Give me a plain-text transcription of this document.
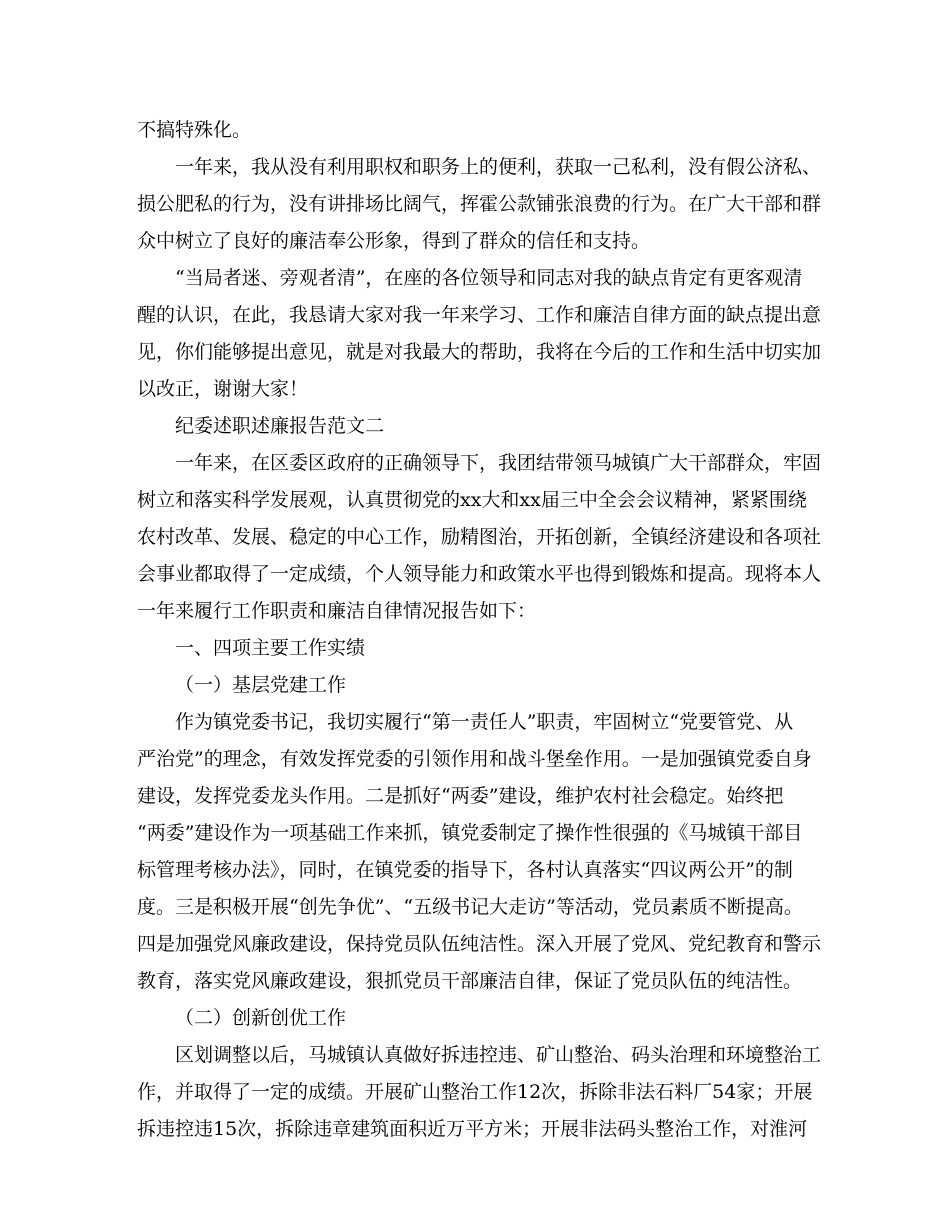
不搞特殊化。
一年来，我从没有利用职权和职务上的便利，获取一己私利，没有假公济私、
损公肥私的行为，没有讲排场比阔气，挥霍公款铺张浪费的行为。在广大干部和群
众中树立了良好的廉洁奉公形象，得到了群众的信任和支持。
“当局者迷、旁观者清”，在座的各位领导和同志对我的缺点肯定有更客观清
醒的认识，在此，我恳请大家对我一年来学习、工作和廉洁自律方面的缺点提出意
见，你们能够提出意见，就是对我最大的帮助，我将在今后的工作和生活中切实加
以改正，谢谢大家！
纪委述职述廉报告范文二
一年来，在区委区政府的正确领导下，我团结带领马城镇广大干部群众，牢固
树立和落实科学发展观，认真贯彻党的xx大和xx届三中全会会议精神，紧紧围绕
农村改革、发展、稳定的中心工作，励精图治，开拓创新，全镇经济建设和各项社
会事业都取得了一定成绩，个人领导能力和政策水平也得到锻炼和提高。现将本人
一年来履行工作职责和廉洁自律情况报告如下：
一、四项主要工作实绩
（一）基层党建工作
作为镇党委书记，我切实履行“第一责任人”职责，牢固树立“党要管党、从
严治党”的理念，有效发挥党委的引领作用和战斗堡垒作用。一是加强镇党委自身
建设，发挥党委龙头作用。二是抓好“两委”建设，维护农村社会稳定。始终把
“两委”建设作为一项基础工作来抓，镇党委制定了操作性很强的《马城镇干部目
标管理考核办法》，同时，在镇党委的指导下，各村认真落实“四议两公开”的制
度。三是积极开展“创先争优”、“五级书记大走访”等活动，党员素质不断提高。
四是加强党风廉政建设，保持党员队伍纯洁性。深入开展了党风、党纪教育和警示
教育，落实党风廉政建设，狠抓党员干部廉洁自律，保证了党员队伍的纯洁性。
（二）创新创优工作
区划调整以后，马城镇认真做好拆违控违、矿山整治、码头治理和环境整治工
作，并取得了一定的成绩。开展矿山整治工作12次，拆除非法石料厂54家；开展
拆违控违15次，拆除违章建筑面积近万平方米；开展非法码头整治工作，对淮河
